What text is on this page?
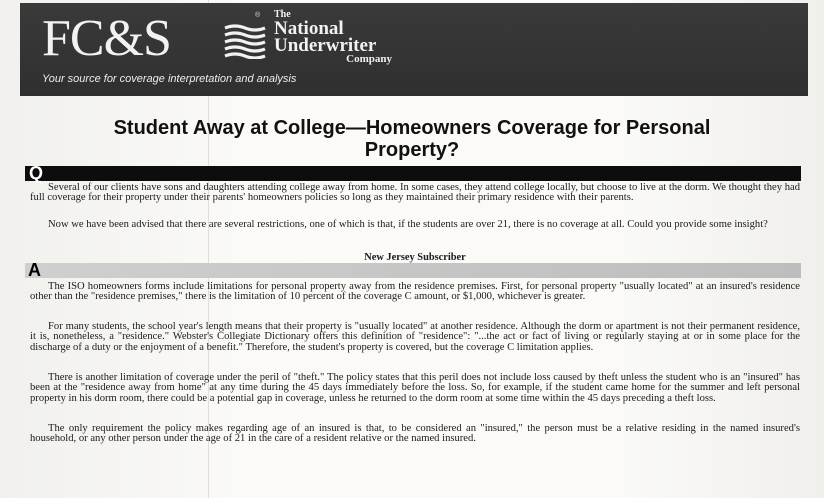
FC&S	® The
National
Underwriter
Company
Your source for coverage interpretation and analysis
Student Away at College—Homeowners Coverage for Personal
Property?
Q
Several of our clients have sons and daughters attending college away from home. In some cases, they attend college locally, but choose to live at the dorm. We thought they had full coverage for their property under their parents' homeowners policies so long as they maintained their primary residence with their parents.
Now we have been advised that there are several restrictions, one of which is that, if the students are over 21, there is no coverage at all. Could you provide some insight?
New Jersey Subscriber
A
The ISO homeowners forms include limitations for personal property away from the residence premises. First, for personal property "usually located" at an insured's residence other than the "residence premises," there is the limitation of 10 percent of the coverage C amount, or $1,000, whichever is greater.
For many students, the school year's length means that their property is "usually located" at another residence. Although the dorm or apartment is not their permanent residence, it is, nonetheless, a "residence." Webster's Collegiate Dictionary offers this definition of "residence": "...the act or fact of living or regularly staying at or in some place for the discharge of a duty or the enjoyment of a benefit." Therefore, the student's property is covered, but the coverage C limitation applies.
There is another limitation of coverage under the peril of "theft." The policy states that this peril does not include loss caused by theft unless the student who is an "insured" has been at the "residence away from home" at any time during the 45 days immediately before the loss. So, for example, if the student came home for the summer and left personal property in his dorm room, there could be a potential gap in coverage, unless he returned to the dorm room at some time within the 45 days preceding a theft loss.
The only requirement the policy makes regarding age of an insured is that, to be considered an "insured," the person must be a relative residing in the named insured's household, or any other person under the age of 21 in the care of a resident relative or the named insured.
